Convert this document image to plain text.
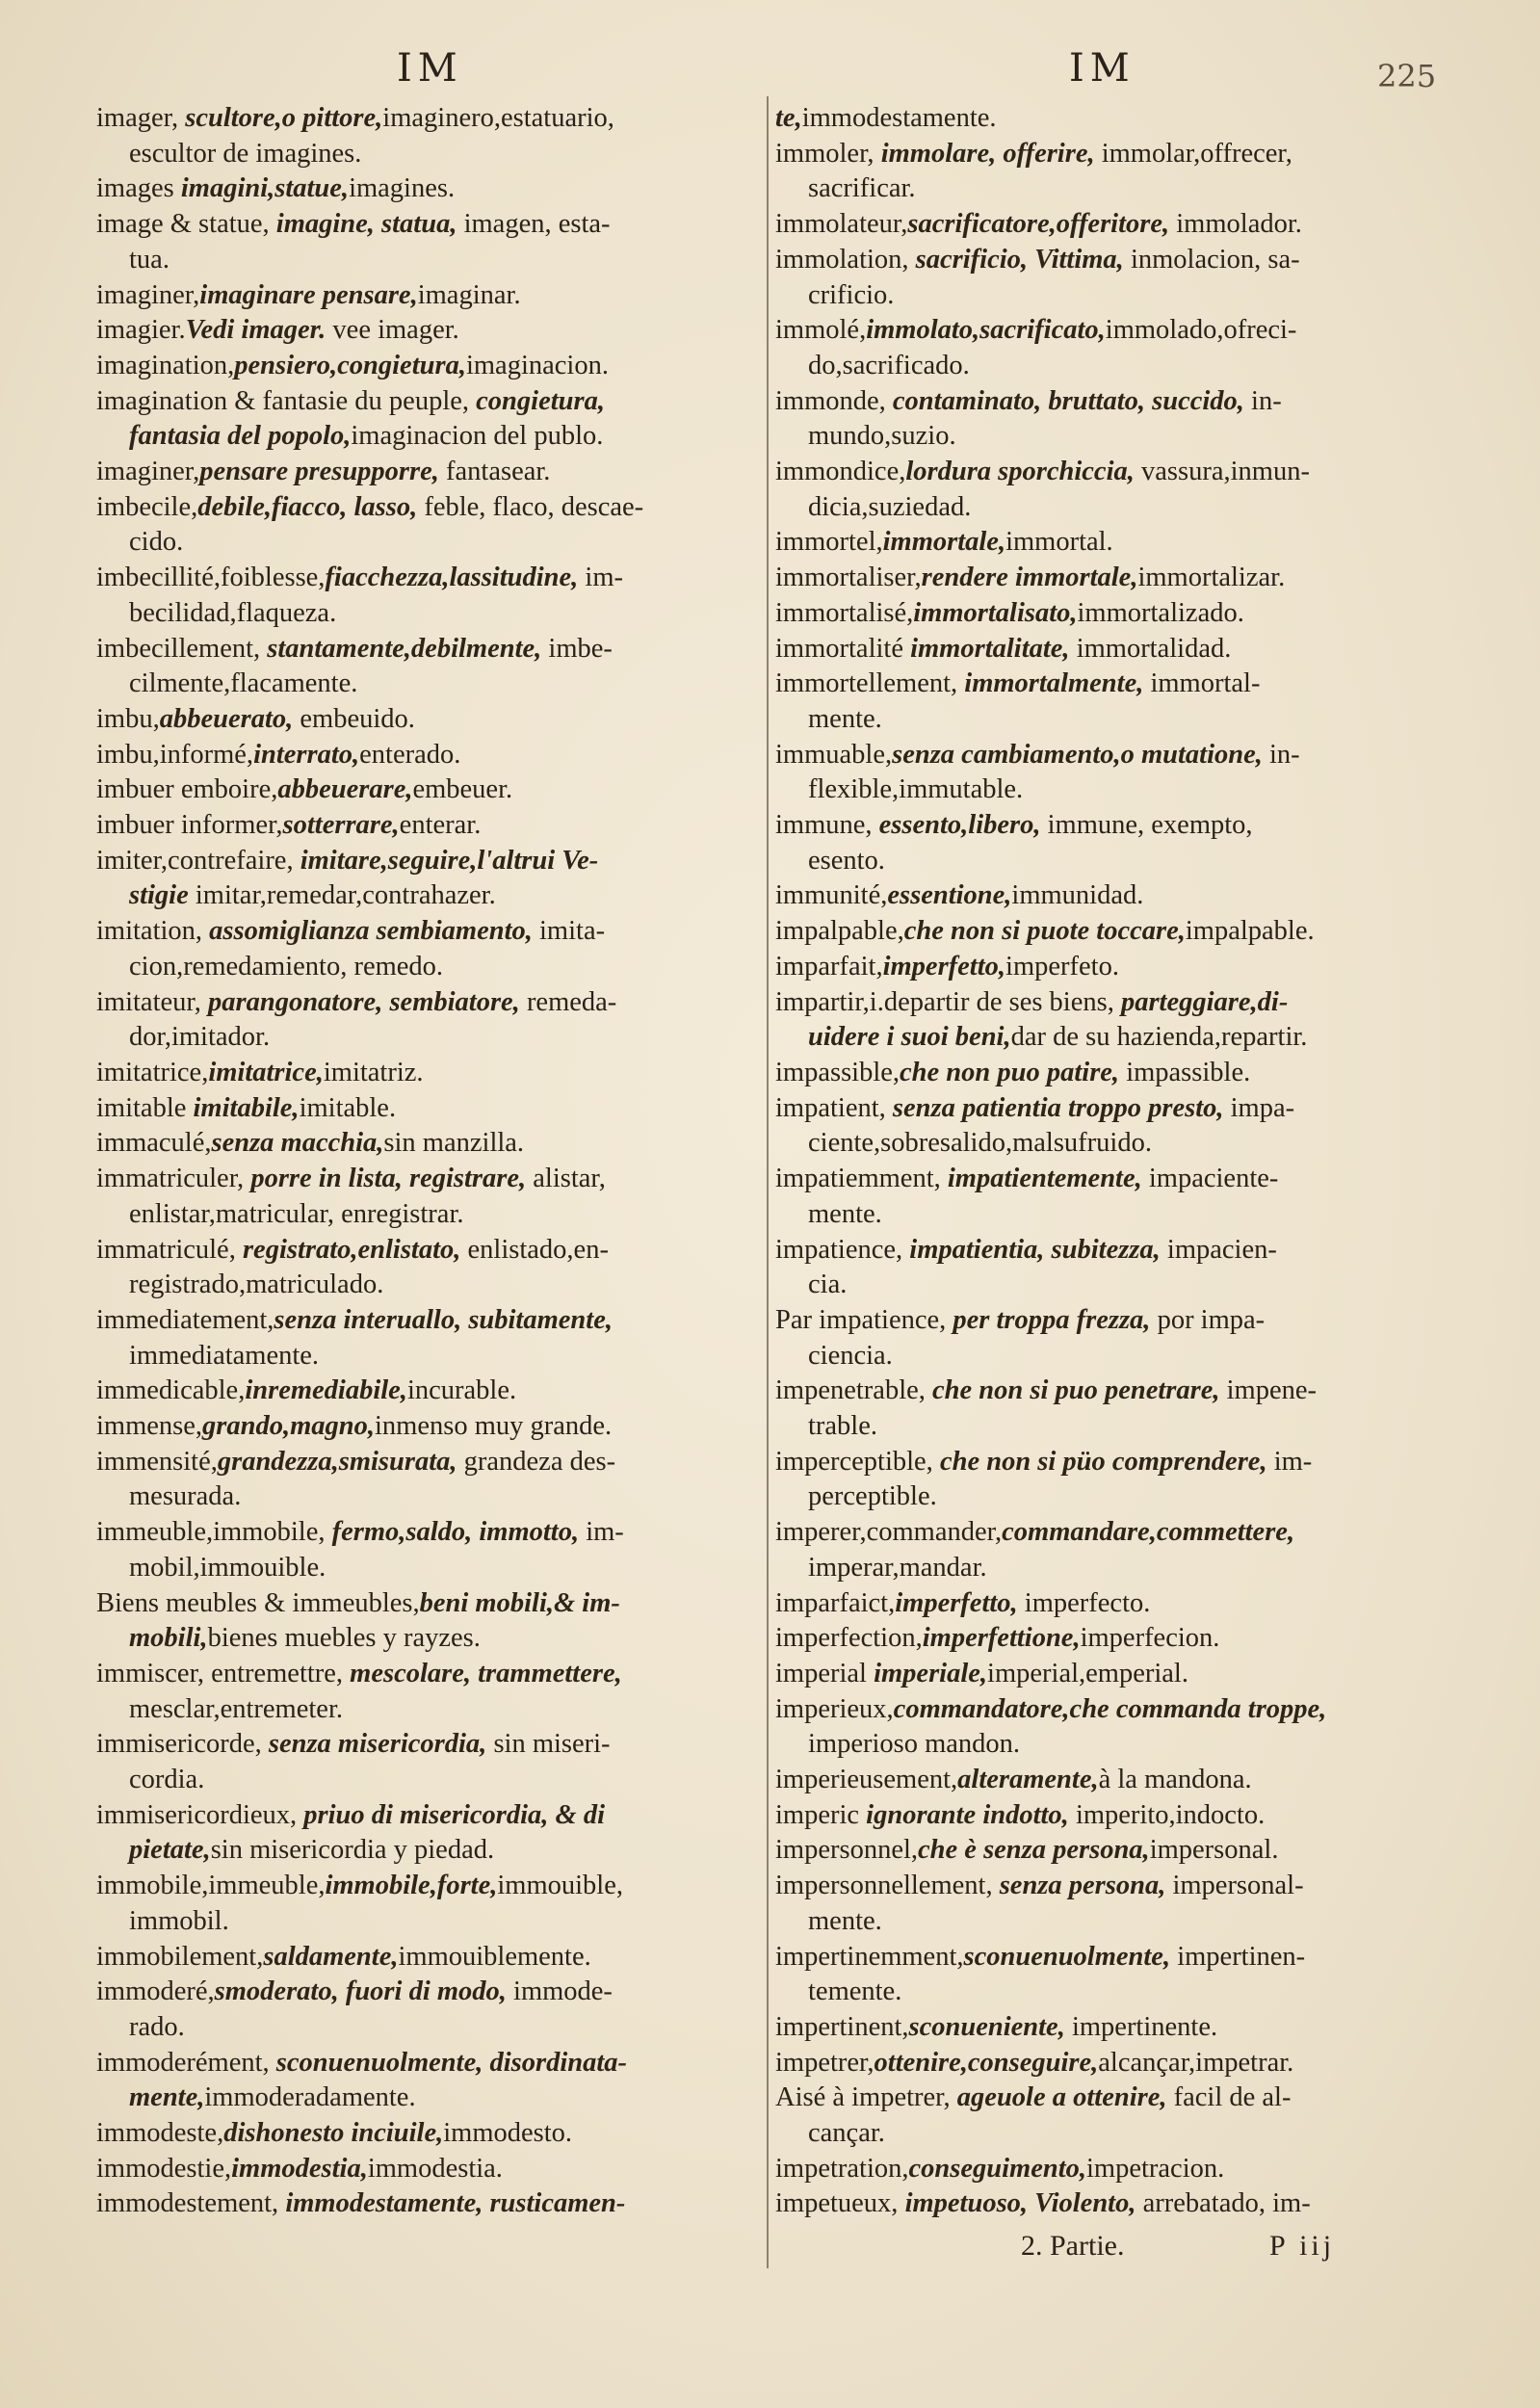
IM	IM	225
imager, scultore,o pittore,imaginero,estatuario,
escultor de imagines.
images imagini,statue,imagines.
image & statue, imagine, statua, imagen, esta-
tua.
imaginer,imaginare pensare,imaginar.
imagier.Vedi imager. vee imager.
imagination,pensiero,congietura,imaginacion.
imagination & fantasie du peuple, congietura,
fantasia del popolo,imaginacion del publo.
imaginer,pensare presupporre, fantasear.
imbecile,debile,fiacco, lasso, feble, flaco, descae-
cido.
imbecillité,foiblesse,fiacchezza,lassitudine, im-
becilidad,flaqueza.
imbecillement, stantamente,debilmente, imbe-
cilmente,flacamente.
imbu,abbeuerato, embeuido.
imbu,informé,interrato,enterado.
imbuer emboire,abbeuerare,embeuer.
imbuer informer,sotterrare,enterar.
imiter,contrefaire, imitare,seguire,l'altrui Ve-
stigie imitar,remedar,contrahazer.
imitation, assomiglianza sembiamento, imita-
cion,remedamiento, remedo.
imitateur, parangonatore, sembiatore, remeda-
dor,imitador.
imitatrice,imitatrice,imitatriz.
imitable imitabile,imitable.
immaculé,senza macchia,sin manzilla.
immatriculer, porre in lista, registrare, alistar,
enlistar,matricular, enregistrar.
immatriculé, registrato,enlistato, enlistado,en-
registrado,matriculado.
immediatement,senza interuallo, subitamente,
immediatamente.
immedicable,inremediabile,incurable.
immense,grando,magno,inmenso muy grande.
immensité,grandezza,smisurata, grandeza des-
mesurada.
immeuble,immobile, fermo,saldo, immotto, im-
mobil,immouible.
Biens meubles & immeubles,beni mobili,& im-
mobili,bienes muebles y rayzes.
immiscer, entremettre, mescolare, trammettere,
mesclar,entremeter.
immisericorde, senza misericordia, sin miseri-
cordia.
immisericordieux, priuo di misericordia, & di
pietate,sin misericordia y piedad.
immobile,immeuble,immobile,forte,immouible,
immobil.
immobilement,saldamente,immouiblemente.
immoderé,smoderato, fuori di modo, immode-
rado.
immoderément, sconuenuolmente, disordinata-
mente,immoderadamente.
immodeste,dishonesto inciuile,immodesto.
immodestie,immodestia,immodestia.
immodestement, immodestamente, rusticamen-
te,immodestamente.
immoler, immolare, offerire, immolar,offrecer,
sacrificar.
immolateur,sacrificatore,offeritore, immolador.
immolation, sacrificio, Vittima, inmolacion, sa-
crificio.
immolé,immolato,sacrificato,immolado,ofreci-
do,sacrificado.
immonde, contaminato, bruttato, succido, in-
mundo,suzio.
immondice,lordura sporchiccia, vassura,inmun-
dicia,suziedad.
immortel,immortale,immortal.
immortaliser,rendere immortale,immortalizar.
immortalisé,immortalisato,immortalizado.
immortalité immortalitate, immortalidad.
immortellement, immortalmente, immortal-
mente.
immuable,senza cambiamento,o mutatione, in-
flexible,immutable.
immune, essento,libero, immune, exempto,
esento.
immunité,essentione,immunidad.
impalpable,che non si puote toccare,impalpable.
imparfait,imperfetto,imperfeto.
impartir,i.departir de ses biens, parteggiare,di-
uidere i suoi beni,dar de su hazienda,repartir.
impassible,che non puo patire, impassible.
impatient, senza patientia troppo presto, impa-
ciente,sobresalido,malsufruido.
impatiemment, impatientemente, impaciente-
mente.
impatience, impatientia, subitezza, impacien-
cia.
Par impatience, per troppa frezza, por impa-
ciencia.
impenetrable, che non si puo penetrare, impene-
trable.
imperceptible, che non si püo comprendere, im-
perceptible.
imperer,commander,commandare,commettere,
imperar,mandar.
imparfaict,imperfetto, imperfecto.
imperfection,imperfettione,imperfecion.
imperial imperiale,imperial,emperial.
imperieux,commandatore,che commanda troppe,
imperioso mandon.
imperieusement,alteramente,à la mandona.
imperic ignorante indotto, imperito,indocto.
impersonnel,che è senza persona,impersonal.
impersonnellement, senza persona, impersonal-
mente.
impertinemment,sconuenuolmente, impertinen-
temente.
impertinent,sconueniente, impertinente.
impetrer,ottenire,conseguire,alcançar,impetrar.
Aisé à impetrer, ageuole a ottenire, facil de al-
cançar.
impetration,conseguimento,impetracion.
impetueux, impetuoso, Violento, arrebatado, im-
2. Partie.	P iij
